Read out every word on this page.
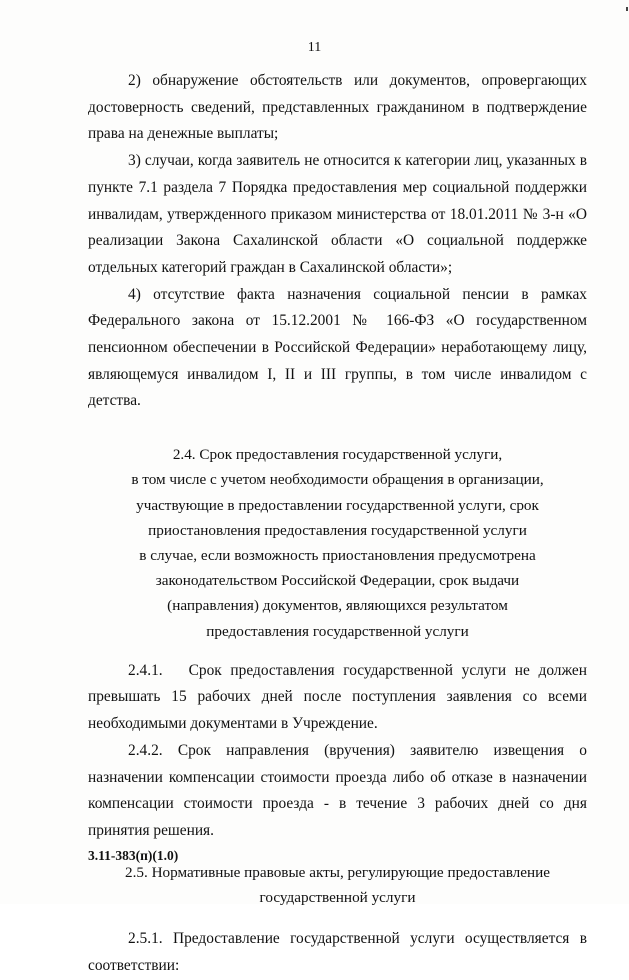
11

2) обнаружение обстоятельств или документов, опровергающих достоверность сведений, представленных гражданином в подтверждение права на денежные выплаты;

3) случаи, когда заявитель не относится к категории лиц, указанных в пункте 7.1 раздела 7 Порядка предоставления мер социальной поддержки инвалидам, утвержденного приказом министерства от 18.01.2011 № 3-н «О реализации Закона Сахалинской области «О социальной поддержке отдельных категорий граждан в Сахалинской области»;

4) отсутствие факта назначения социальной пенсии в рамках Федерального закона от 15.12.2001 № 166-ФЗ «О государственном пенсионном обеспечении в Российской Федерации» неработающему лицу, являющемуся инвалидом I, II и III группы, в том числе инвалидом с детства.

2.4. Срок предоставления государственной услуги,
в том числе с учетом необходимости обращения в организации,
участвующие в предоставлении государственной услуги, срок
приостановления предоставления государственной услуги
в случае, если возможность приостановления предусмотрена
законодательством Российской Федерации, срок выдачи
(направления) документов, являющихся результатом
предоставления государственной услуги

2.4.1.   Срок предоставления государственной услуги не должен превышать 15 рабочих дней после поступления заявления со всеми необходимыми документами в Учреждение.

2.4.2. Срок направления (вручения) заявителю извещения о назначении компенсации стоимости проезда либо об отказе в назначении компенсации стоимости проезда - в течение 3 рабочих дней со дня принятия решения.

2.5. Нормативные правовые акты, регулирующие предоставление
государственной услуги

2.5.1. Предоставление государственной услуги осуществляется в соответствии:

3.11-383(п)(1.0)
